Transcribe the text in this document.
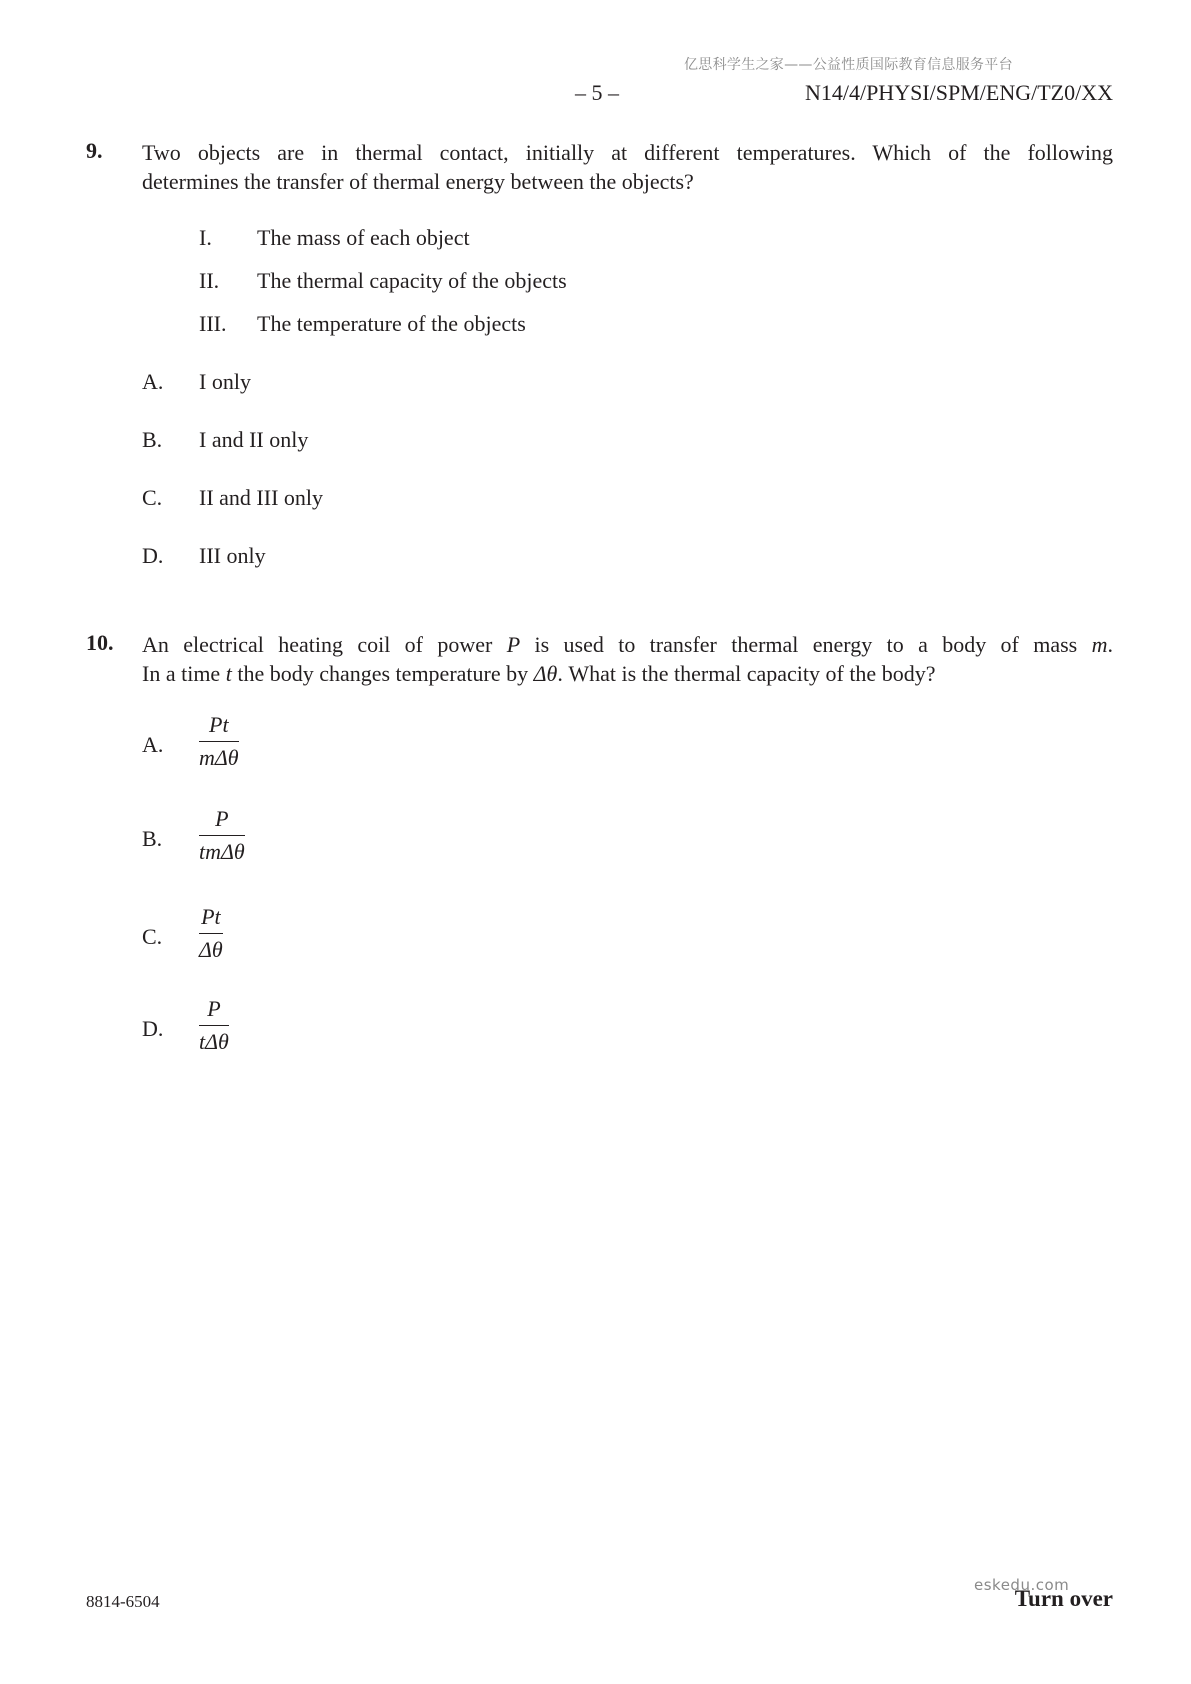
亿思科学生之家——公益性质国际教育信息服务平台
– 5 –	N14/4/PHYSI/SPM/ENG/TZ0/XX
9. Two objects are in thermal contact, initially at different temperatures. Which of the following
determines the transfer of thermal energy between the objects?
I. The mass of each object
II. The thermal capacity of the objects
III. The temperature of the objects
A. I only
B. I and II only
C. II and III only
D. III only
10. An electrical heating coil of power P is used to transfer thermal energy to a body of mass m.
In a time t the body changes temperature by Δθ. What is the thermal capacity of the body?
A.
Pt
mΔθ
B.
P
tmΔθ
C.
Pt
Δθ
D.
P
tΔθ
8814-6504	Turn over
eskedu.com
